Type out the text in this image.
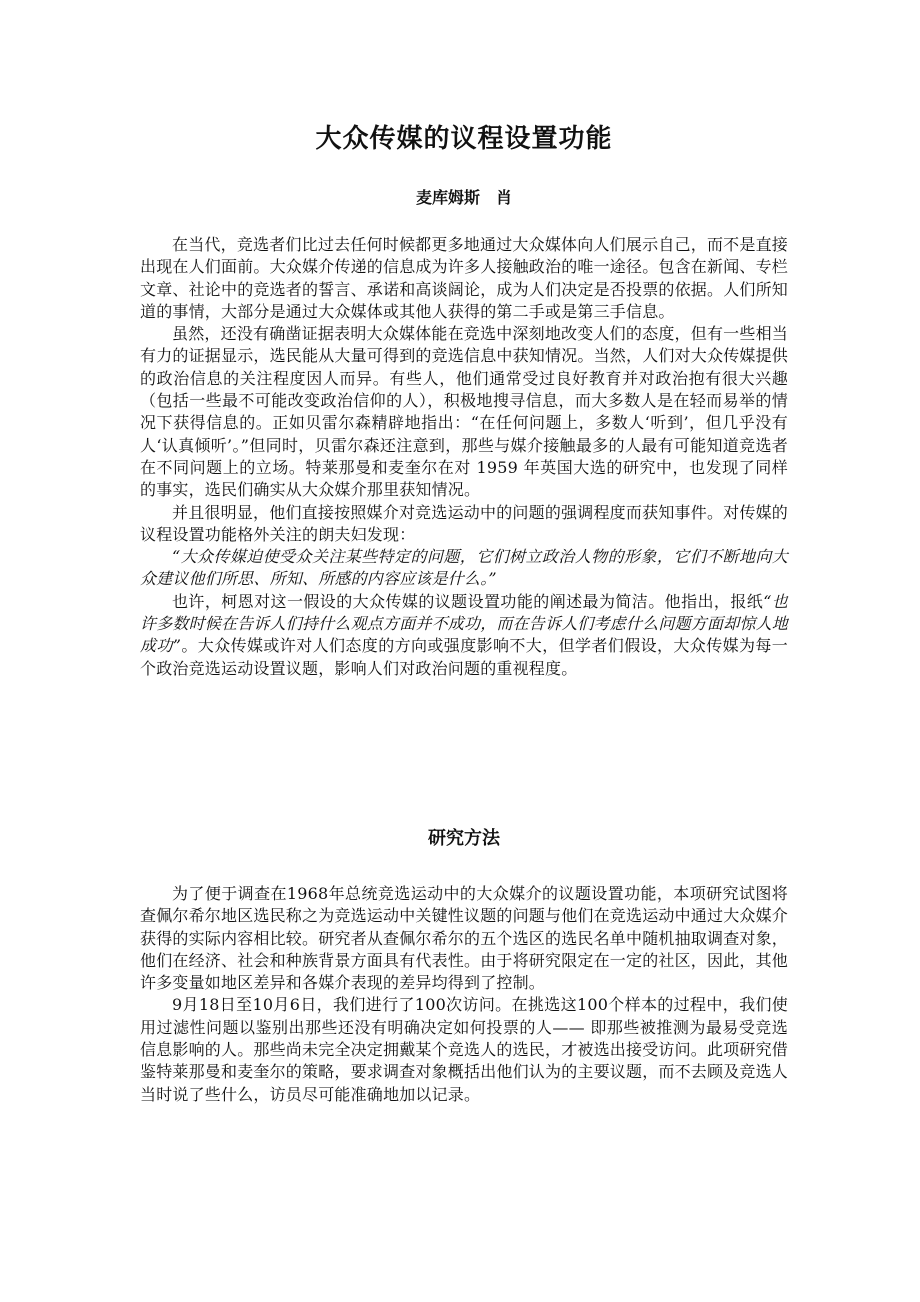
大众传媒的议程设置功能
麦库姆斯　肖

在当代，竞选者们比过去任何时候都更多地通过大众媒体向人们展示自己，而不是直接出现在人们面前。大众媒介传递的信息成为许多人接触政治的唯一途径。包含在新闻、专栏文章、社论中的竞选者的誓言、承诺和高谈阔论，成为人们决定是否投票的依据。人们所知道的事情，大部分是通过大众媒体或其他人获得的第二手或是第三手信息。

虽然，还没有确凿证据表明大众媒体能在竞选中深刻地改变人们的态度，但有一些相当有力的证据显示，选民能从大量可得到的竞选信息中获知情况。当然，人们对大众传媒提供的政治信息的关注程度因人而异。有些人，他们通常受过良好教育并对政治抱有很大兴趣（包括一些最不可能改变政治信仰的人），积极地搜寻信息，而大多数人是在轻而易举的情况下获得信息的。正如贝雷尔森精辟地指出：“在任何问题上，多数人‘听到’，但几乎没有人‘认真倾听’。”但同时，贝雷尔森还注意到，那些与媒介接触最多的人最有可能知道竞选者在不同问题上的立场。特莱那曼和麦奎尔在对 1959 年英国大选的研究中，也发现了同样的事实，选民们确实从大众媒介那里获知情况。

并且很明显，他们直接按照媒介对竞选运动中的问题的强调程度而获知事件。对传媒的议程设置功能格外关注的朗夫妇发现：

“大众传媒迫使受众关注某些特定的问题，它们树立政治人物的形象，它们不断地向大众建议他们所思、所知、所感的内容应该是什么。”

也许，柯恩对这一假设的大众传媒的议题设置功能的阐述最为简洁。他指出，报纸“也许多数时候在告诉人们持什么观点方面并不成功，而在告诉人们考虑什么问题方面却惊人地成功”。大众传媒或许对人们态度的方向或强度影响不大，但学者们假设，大众传媒为每一个政治竞选运动设置议题，影响人们对政治问题的重视程度。

研究方法

为了便于调查在1968年总统竞选运动中的大众媒介的议题设置功能，本项研究试图将查佩尔希尔地区选民称之为竞选运动中关键性议题的问题与他们在竞选运动中通过大众媒介获得的实际内容相比较。研究者从查佩尔希尔的五个选区的选民名单中随机抽取调查对象，他们在经济、社会和种族背景方面具有代表性。由于将研究限定在一定的社区，因此，其他许多变量如地区差异和各媒介表现的差异均得到了控制。

9月18日至10月6日，我们进行了100次访问。在挑选这100个样本的过程中，我们使用过滤性问题以鉴别出那些还没有明确决定如何投票的人—— 即那些被推测为最易受竞选信息影响的人。那些尚未完全决定拥戴某个竞选人的选民，才被选出接受访问。此项研究借鉴特莱那曼和麦奎尔的策略，要求调查对象概括出他们认为的主要议题，而不去顾及竞选人当时说了些什么，访员尽可能准确地加以记录。
